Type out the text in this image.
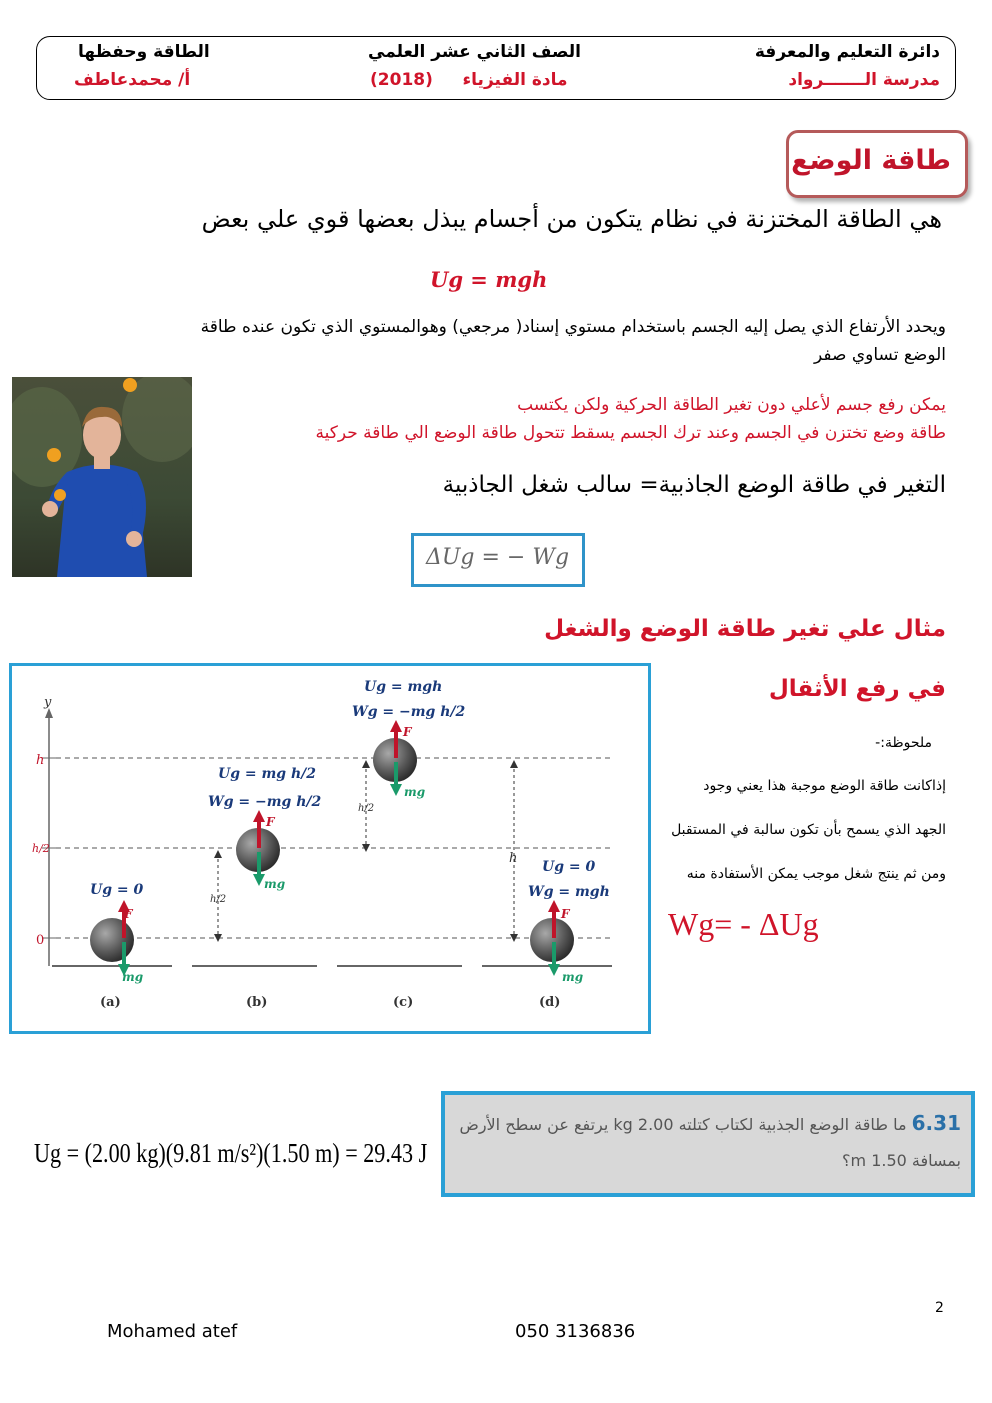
دائرة التعليم والمعرفة
مدرسة الـــــــرواد
الصف الثاني عشر العلمي
مادة الفيزياء     (2018)
الطاقة وحفظها
أ/ محمدعاطف
طاقة الوضع
هي الطاقة المختزنة في نظام يتكون من أجسام يبذل بعضها قوي علي بعض
Ug = mgh
ويحدد الأرتفاع الذي يصل إليه الجسم باستخدام مستوي إسناد( مرجعي) وهوالمستوي الذي تكون عنده طاقة
الوضع تساوي صفر
يمكن رفع جسم لأعلي دون تغير الطاقة الحركية ولكن يكتسب
طاقة وضع تختزن في الجسم وعند ترك الجسم يسقط تتحول طاقة الوضع الي طاقة حركية
التغير في طاقة الوضع الجاذبية= سالب شغل الجاذبية
ΔUg = − Wg
مثال علي تغير طاقة الوضع والشغل
في رفع الأثقال
ملحوظة:-
إذاكانت طاقة الوضع موجبة هذا يعني وجود
الجهد الذي يسمح بأن تكون سالبة في المستقبل
ومن ثم ينتج شغل موجب يمكن الأستفادة منه
Wg= - ΔUg
y
h
h/2
0
h/2
h/2
h
F
mg
F
mg
F
mg
F
mg
Ug = 0
Ug = mg h/2
Wg = −mg h/2
Ug = mgh
Wg = −mg h/2
Ug = 0
Wg = mgh
(a)	(b)	(c)	(d)
6.31 ما طاقة الوضع الجذبية لكتاب كتلته 2.00 kg يرتفع عن سطح الأرض
بمسافة 1.50 m؟
Ug = (2.00 kg)(9.81 m/s²)(1.50 m) = 29.43 J
2
Mohamed atef	050 3136836
